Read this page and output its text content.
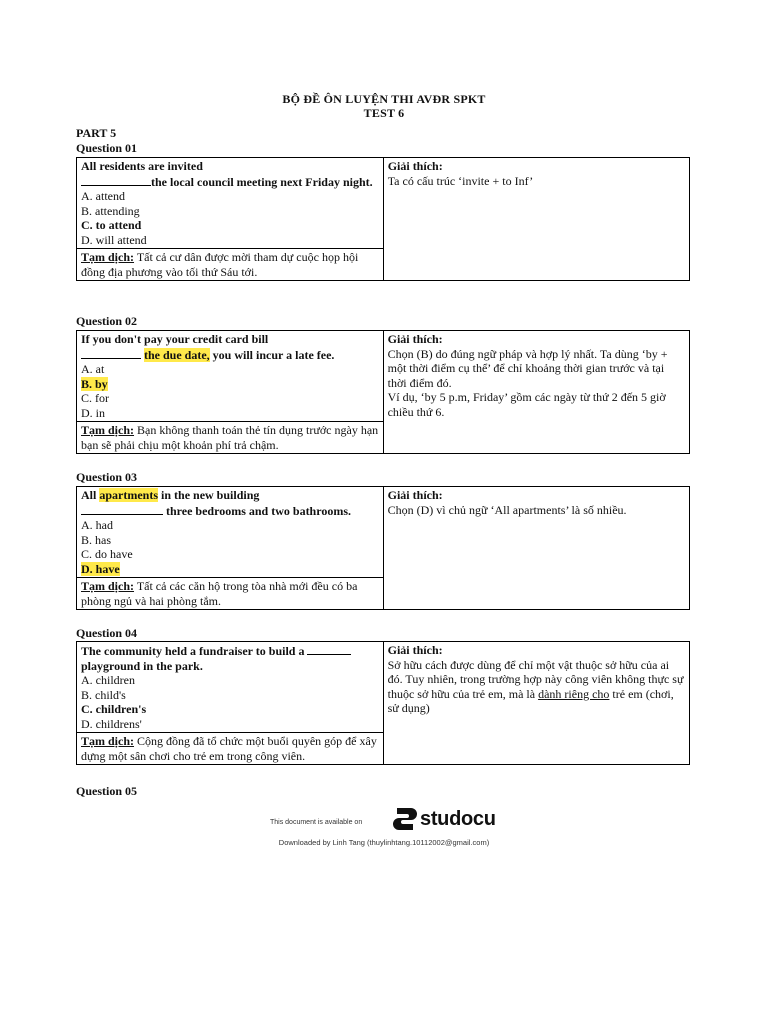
BỘ ĐỀ ÔN LUYỆN THI AVĐR SPKT
TEST 6
PART 5
Question 01
All residents are invited
the local council meeting next Friday night.
A. attend
B. attending
C. to attend
D. will attend

Giải thích:
Ta có cấu trúc ‘invite + to Inf’

Tạm dịch: Tất cả cư dân được mời tham dự cuộc họp hội đồng địa phương vào tối thứ Sáu tới.
Question 02
If you don't pay your credit card bill
the due date, you will incur a late fee.
A. at
B. by
C. for
D. in

Giải thích:
Chọn (B) do đúng ngữ pháp và hợp lý nhất. Ta dùng ‘by + một thời điểm cụ thể’ để chỉ khoảng thời gian trước và tại thời điểm đó.
Ví dụ, ‘by 5 p.m, Friday’ gồm các ngày từ thứ 2 đến 5 giờ chiều thứ 6.

Tạm dịch: Bạn không thanh toán thẻ tín dụng trước ngày hạn bạn sẽ phải chịu một khoản phí trả chậm.
Question 03
All apartments in the new building
three bedrooms and two bathrooms.
A. had
B. has
C. do have
D. have

Giải thích:
Chọn (D) vì chủ ngữ ‘All apartments’ là số nhiều.

Tạm dịch: Tất cả các căn hộ trong tòa nhà mới đều có ba phòng ngủ và hai phòng tắm.
Question 04
The community held a fundraiser to build a
playground in the park.
A. children
B. child's
C. children's
D. childrens'

Giải thích:
Sở hữu cách được dùng để chỉ một vật thuộc sở hữu của ai đó. Tuy nhiên, trong trường hợp này công viên không thực sự thuộc sở hữu của trẻ em, mà là dành riêng cho trẻ em (chơi, sử dụng)

Tạm dịch: Cộng đồng đã tổ chức một buổi quyên góp để xây dựng một sân chơi cho trẻ em trong công viên.
Question 05
This document is available on	studocu
Downloaded by Linh Tang (thuylinhtang.10112002@gmail.com)
